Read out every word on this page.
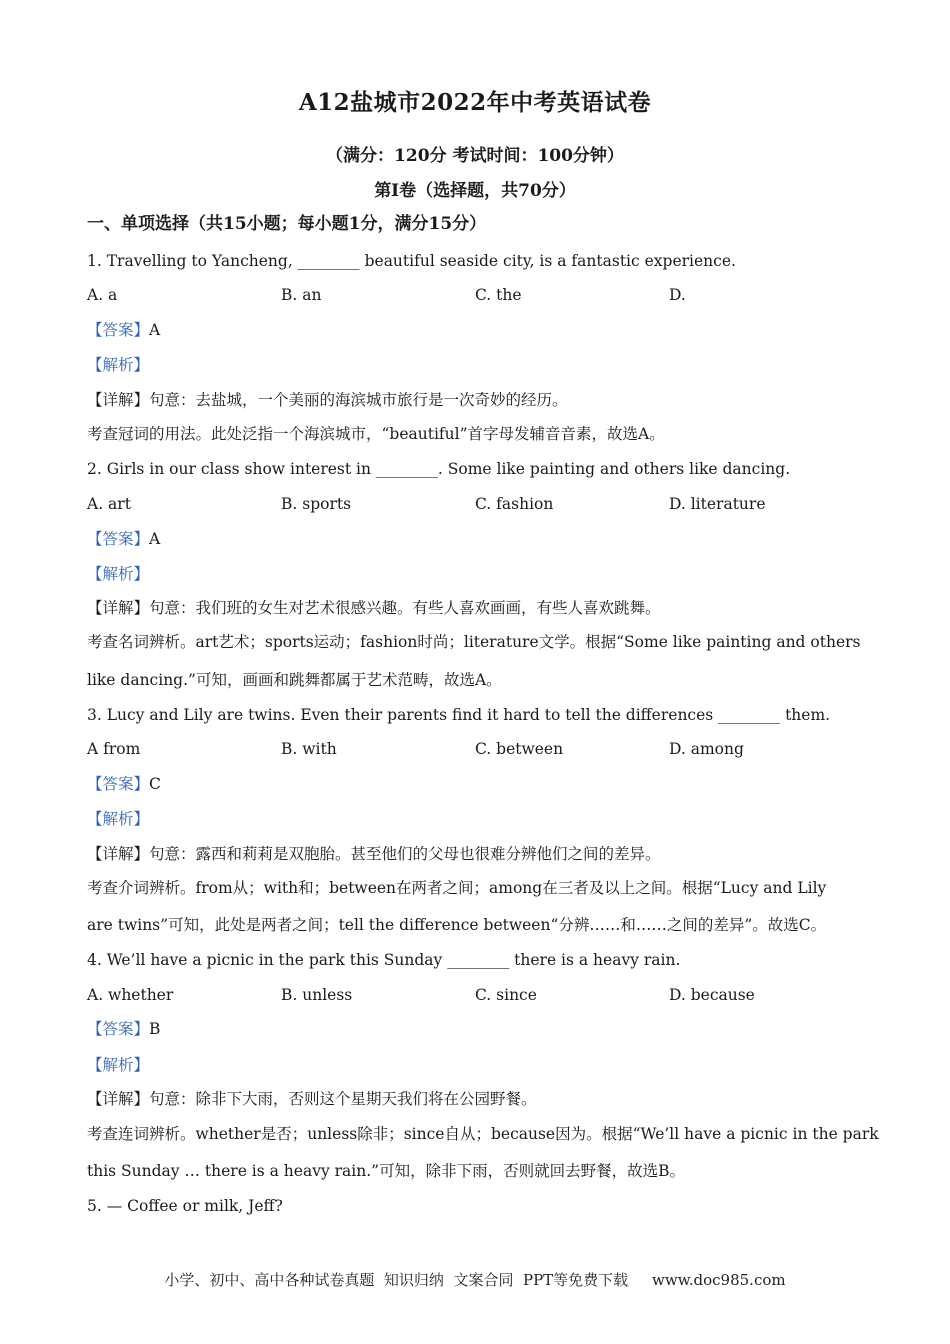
A12盐城市2022年中考英语试卷
（满分：120分 考试时间：100分钟）
第I卷（选择题，共70分）
一、单项选择（共15小题；每小题1分，满分15分）
1. Travelling to Yancheng, ________ beautiful seaside city, is a fantastic experience.
A. a	B. an	C. the	D.
【答案】A
【解析】
【详解】句意：去盐城，一个美丽的海滨城市旅行是一次奇妙的经历。
考查冠词的用法。此处泛指一个海滨城市，“beautiful”首字母发辅音音素，故选A。
2. Girls in our class show interest in ________. Some like painting and others like dancing.
A. art	B. sports	C. fashion	D. literature
【答案】A
【解析】
【详解】句意：我们班的女生对艺术很感兴趣。有些人喜欢画画，有些人喜欢跳舞。
考查名词辨析。art艺术；sports运动；fashion时尚；literature文学。根据“Some like painting and others
like dancing.”可知，画画和跳舞都属于艺术范畴，故选A。
3. Lucy and Lily are twins. Even their parents find it hard to tell the differences ________ them.
A from	B. with	C. between	D. among
【答案】C
【解析】
【详解】句意：露西和莉莉是双胞胎。甚至他们的父母也很难分辨他们之间的差异。
考查介词辨析。from从；with和；between在两者之间；among在三者及以上之间。根据“Lucy and Lily
are twins”可知，此处是两者之间；tell the difference between“分辨……和……之间的差异”。故选C。
4. We’ll have a picnic in the park this Sunday ________ there is a heavy rain.
A. whether	B. unless	C. since	D. because
【答案】B
【解析】
【详解】句意：除非下大雨，否则这个星期天我们将在公园野餐。
考查连词辨析。whether是否；unless除非；since自从；because因为。根据“We’ll have a picnic in the park
this Sunday … there is a heavy rain.”可知，除非下雨，否则就回去野餐，故选B。
5. — Coffee or milk, Jeff?
小学、初中、高中各种试卷真题  知识归纳  文案合同  PPT等免费下载     www.doc985.com
